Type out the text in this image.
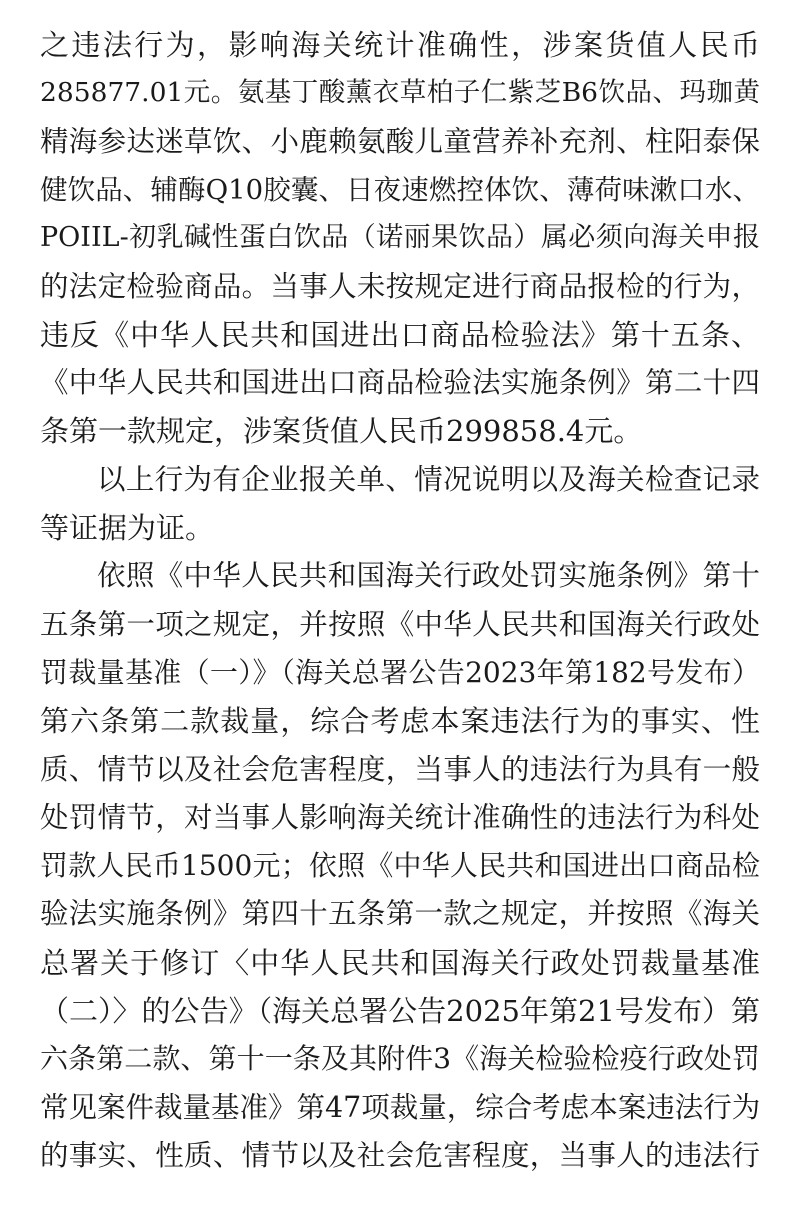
之违法行为，影响海关统计准确性，涉案货值人民币
285877.01元。氨基丁酸薰衣草柏子仁紫芝B6饮品、玛珈黄
精海参达迷草饮、小鹿赖氨酸儿童营养补充剂、柱阳泰保
健饮品、辅酶Q10胶囊、日夜速燃控体饮、薄荷味漱口水、
POIIL-初乳碱性蛋白饮品（诺丽果饮品）属必须向海关申报
的法定检验商品。当事人未按规定进行商品报检的行为，
违反《中华人民共和国进出口商品检验法》第十五条、
《中华人民共和国进出口商品检验法实施条例》第二十四
条第一款规定，涉案货值人民币299858.4元。
以上行为有企业报关单、情况说明以及海关检查记录
等证据为证。
依照《中华人民共和国海关行政处罚实施条例》第十
五条第一项之规定，并按照《中华人民共和国海关行政处
罚裁量基准（一）》（海关总署公告2023年第182号发布）
第六条第二款裁量，综合考虑本案违法行为的事实、性
质、情节以及社会危害程度，当事人的违法行为具有一般
处罚情节，对当事人影响海关统计准确性的违法行为科处
罚款人民币1500元；依照《中华人民共和国进出口商品检
验法实施条例》第四十五条第一款之规定，并按照《海关
总署关于修订〈中华人民共和国海关行政处罚裁量基准
（二）〉的公告》（海关总署公告2025年第21号发布）第
六条第二款、第十一条及其附件3《海关检验检疫行政处罚
常见案件裁量基准》第47项裁量，综合考虑本案违法行为
的事实、性质、情节以及社会危害程度，当事人的违法行
